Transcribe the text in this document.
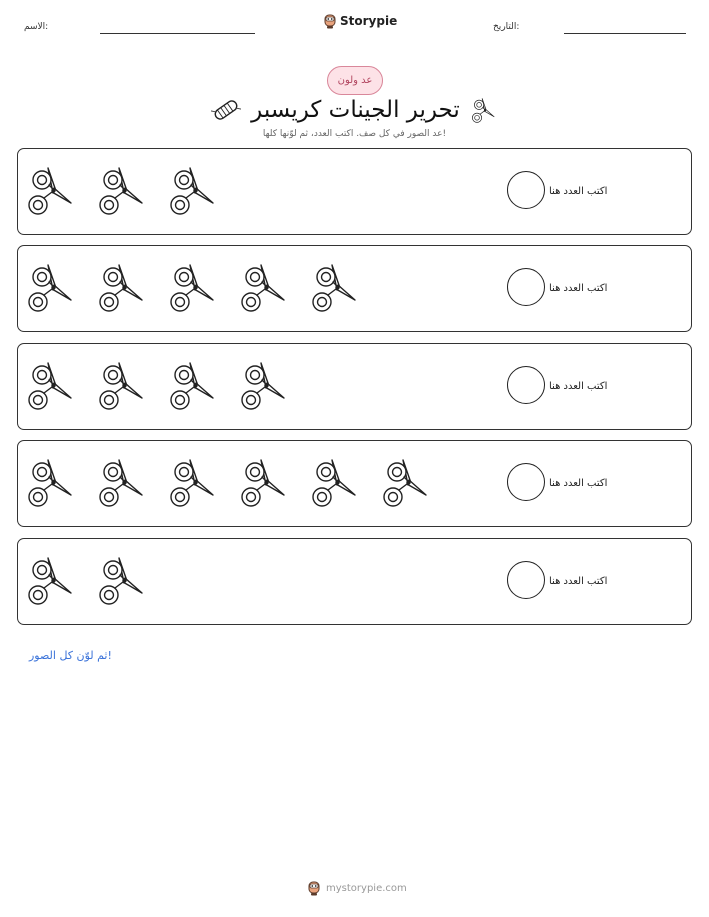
الاسم:	Storypie	التاريخ:
عد ولون
تحرير الجينات كريسبر
عد الصور في كل صف. اكتب العدد، ثم لوّنها كلها!
اكتب العدد هنا
اكتب العدد هنا
اكتب العدد هنا
اكتب العدد هنا
اكتب العدد هنا
ثم لوّن كل الصور!
mystorypie.com
